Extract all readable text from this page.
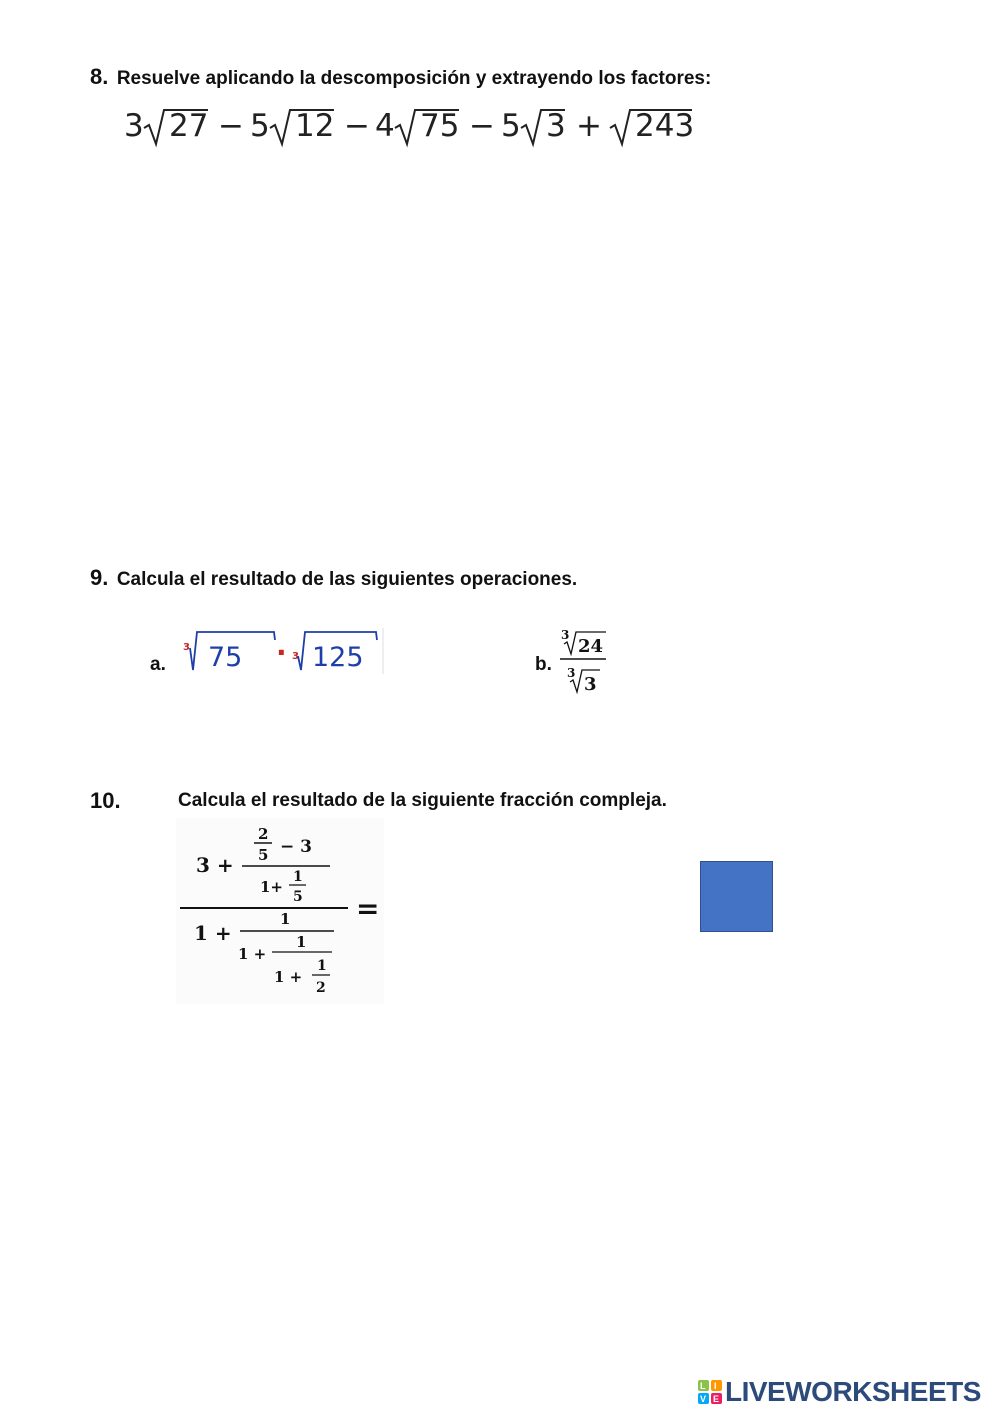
8. Resuelve aplicando la descomposición y extrayendo los factores:
3 27 − 5 12 − 4 75 − 5 3 + 243
9. Calcula el resultado de las siguientes operaciones.
a.
3 75 · 3 125	b.
3
24
3
3
10.	Calcula el resultado de la siguiente fracción compleja.
3 +
2
5 − 3
1+
1
5 =
1 +
1
1 +
1
1 +
1
2
L I
V E LIVEWORKSHEETS
